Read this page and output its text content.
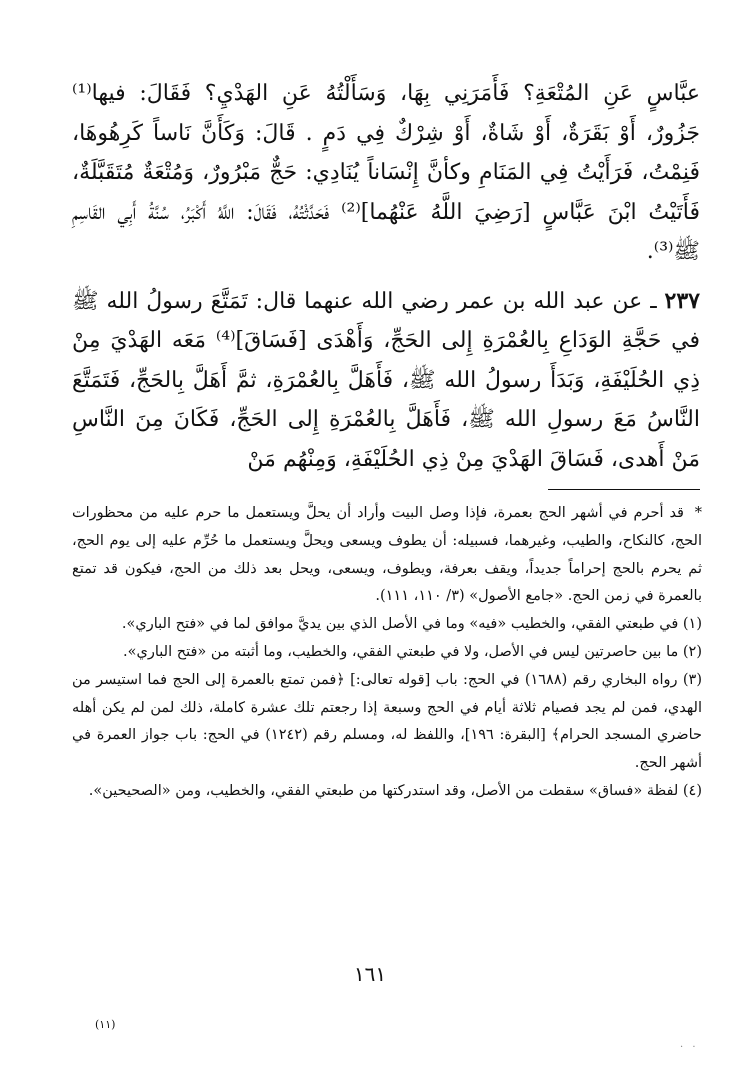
عبَّاسٍ عَنِ المُتْعَةِ؟ فَأَمَرَنِي بِهَا، وَسَأَلْتُهُ عَنِ الهَدْيِ؟ فَقَالَ: فيها⁽¹⁾ جَزُورٌ، أَوْ بَقَرَةٌ، أَوْ شَاةٌ، أَوْ شِرْكٌ فِي دَمٍ . قَالَ: وَكَأَنَّ نَاساً كَرِهُوهَا، فَنِمْتُ، فَرَأَيْتُ فِي المَنَامِ وكأنَّ إِنْسَاناً يُنَادِي: حَجٌّ مَبْرُورٌ، وَمُتْعَةٌ مُتَقَبَّلَةٌ، فَأَتَيْتُ ابْنَ عَبَّاسٍ [رَضِيَ اللَّهُ عَنْهُما]⁽²⁾ فَحَدَّثْتُهُ، فَقَالَ: اللَّهُ أَكْبَرُ، سُنَّةُ أَبِي القَاسِمِ ﷺ⁽³⁾.

٢٣٧ ـ عن عبد الله بن عمر رضي الله عنهما قال: تَمَتَّعَ رسولُ الله ﷺ في حَجَّةِ الوَدَاعِ بِالعُمْرَةِ إِلى الحَجِّ، وَأَهْدَى [فَسَاقَ]⁽⁴⁾ مَعَه الهَدْيَ مِنْ ذِي الحُلَيْفَةِ، وَبَدَأَ رسولُ الله ﷺ، فَأَهَلَّ بِالعُمْرَةِ، ثمَّ أَهَلَّ بِالحَجِّ، فَتَمَتَّعَ النَّاسُ مَعَ رسولِ الله ﷺ، فَأَهَلَّ بِالعُمْرَةِ إِلى الحَجِّ، فَكَانَ مِنَ النَّاسِ مَنْ أَهدى، فَسَاقَ الهَدْيَ مِنْ ذِي الحُلَيْفَةِ، وَمِنْهُم مَنْ

*قد أحرم في أشهر الحج بعمرة، فإذا وصل البيت وأراد أن يحلَّ ويستعمل ما حرم عليه من محظورات الحج، كالنكاح، والطيب، وغيرهما، فسبيله: أن يطوف ويسعى ويحلَّ ويستعمل ما حُرِّم عليه إلى يوم الحج، ثم يحرم بالحج إحراماً جديداً، ويقف بعرفة، ويطوف، ويسعى، ويحل بعد ذلك من الحج، فيكون قد تمتع بالعمرة في زمن الحج. «جامع الأصول» (٣/ ١١٠، ١١١).

(١) في طبعتي الفقي، والخطيب «فيه» وما في الأصل الذي بين يديَّ موافق لما في «فتح الباري».

(٢) ما بين حاصرتين ليس في الأصل، ولا في طبعتي الفقي، والخطيب، وما أثبته من «فتح الباري».

(٣) رواه البخاري رقم (١٦٨٨) في الحج: باب [قوله تعالى:] ﴿فمن تمتع بالعمرة إلى الحج فما استيسر من الهدي، فمن لم يجد فصيام ثلاثة أيام في الحج وسبعة إذا رجعتم تلك عشرة كاملة، ذلك لمن لم يكن أهله حاضري المسجد الحرام﴾ [البقرة: ١٩٦]، واللفظ له، ومسلم رقم (١٢٤٢) في الحج: باب جواز العمرة في أشهر الحج.

(٤) لفظة «فساق» سقطت من الأصل، وقد استدركتها من طبعتي الفقي، والخطيب، ومن «الصحيحين».

١٦١
(١١)
· ·
